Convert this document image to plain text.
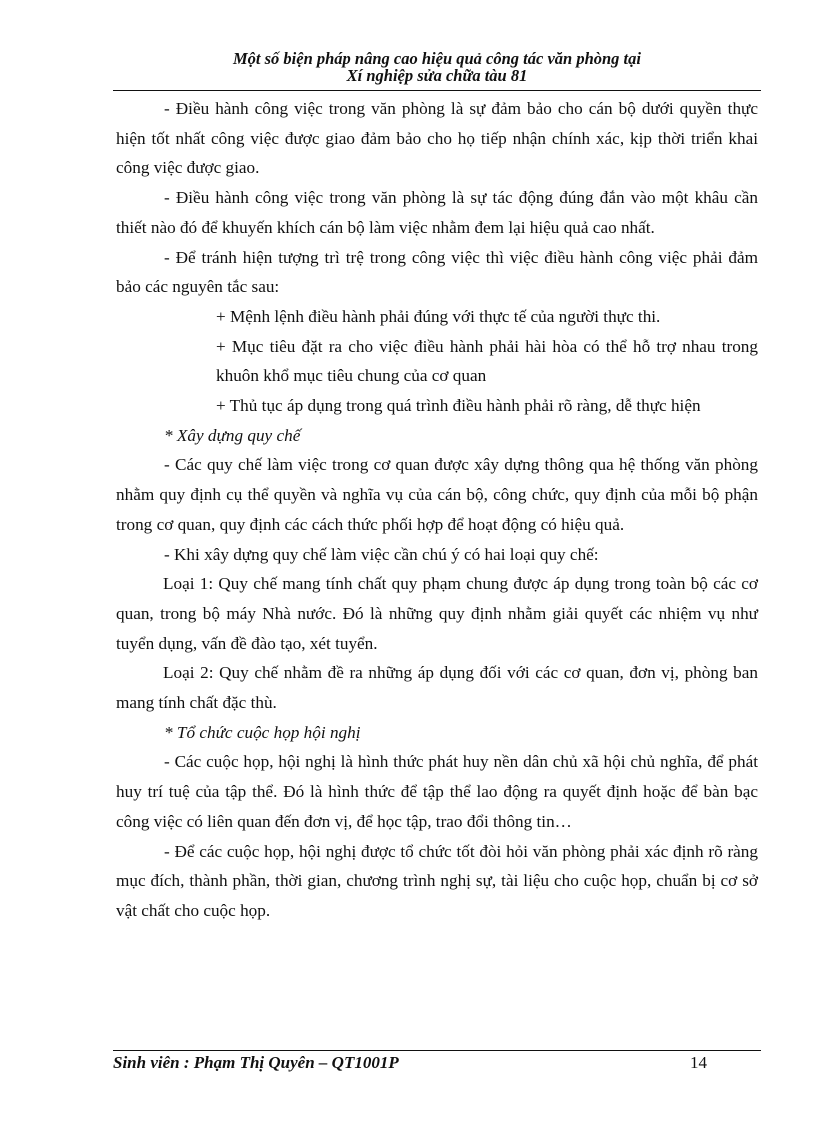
Một số biện pháp nâng cao hiệu quả công tác văn phòng tại
Xí nghiệp sửa chữa tàu 81

- Điều hành công việc trong văn phòng là sự đảm bảo cho cán bộ dưới quyền thực hiện tốt nhất công việc được giao đảm bảo cho họ tiếp nhận chính xác, kịp thời triển khai công việc được giao.

- Điều hành công việc trong văn phòng là sự tác động đúng đắn vào một khâu cần thiết nào đó để khuyến khích cán bộ làm việc nhằm đem lại hiệu quả cao nhất.

- Để tránh hiện tượng trì trệ trong công việc thì việc điều hành công việc phải đảm bảo các nguyên tắc sau:

+ Mệnh lệnh điều hành phải đúng với thực tế của người thực thi.

+ Mục tiêu đặt ra cho việc điều hành phải hài hòa có thể hỗ trợ nhau trong khuôn khổ mục tiêu chung của cơ quan

+ Thủ tục áp dụng trong quá trình điều hành phải rõ ràng, dễ thực hiện

* Xây dựng quy chế

- Các quy chế làm việc trong cơ quan được xây dựng thông qua hệ thống văn phòng nhằm quy định cụ thể quyền và nghĩa vụ của cán bộ, công chức, quy định của mỗi bộ phận trong cơ quan, quy định các cách thức phối hợp để hoạt động có hiệu quả.

- Khi xây dựng quy chế làm việc cần chú ý có hai loại quy chế:

Loại 1: Quy chế mang tính chất quy phạm chung được áp dụng trong toàn bộ các cơ quan, trong bộ máy Nhà nước. Đó là những quy định nhằm giải quyết các nhiệm vụ như tuyển dụng, vấn đề đào tạo, xét tuyển.

Loại 2: Quy chế nhằm đề ra những áp dụng đối với các cơ quan, đơn vị, phòng ban mang tính chất đặc thù.

* Tổ chức cuộc họp hội nghị

- Các cuộc họp, hội nghị là hình thức phát huy nền dân chủ xã hội chủ nghĩa, để phát huy trí tuệ của tập thể. Đó là hình thức để tập thể lao động ra quyết định hoặc để bàn bạc công việc có liên quan đến đơn vị, để học tập, trao đổi thông tin…

- Để các cuộc họp, hội nghị được tổ chức tốt đòi hỏi văn phòng phải xác định rõ ràng mục đích, thành phần, thời gian, chương trình nghị sự, tài liệu cho cuộc họp, chuẩn bị cơ sở vật chất cho cuộc họp.

Sinh viên : Phạm Thị Quyên – QT1001P	14
